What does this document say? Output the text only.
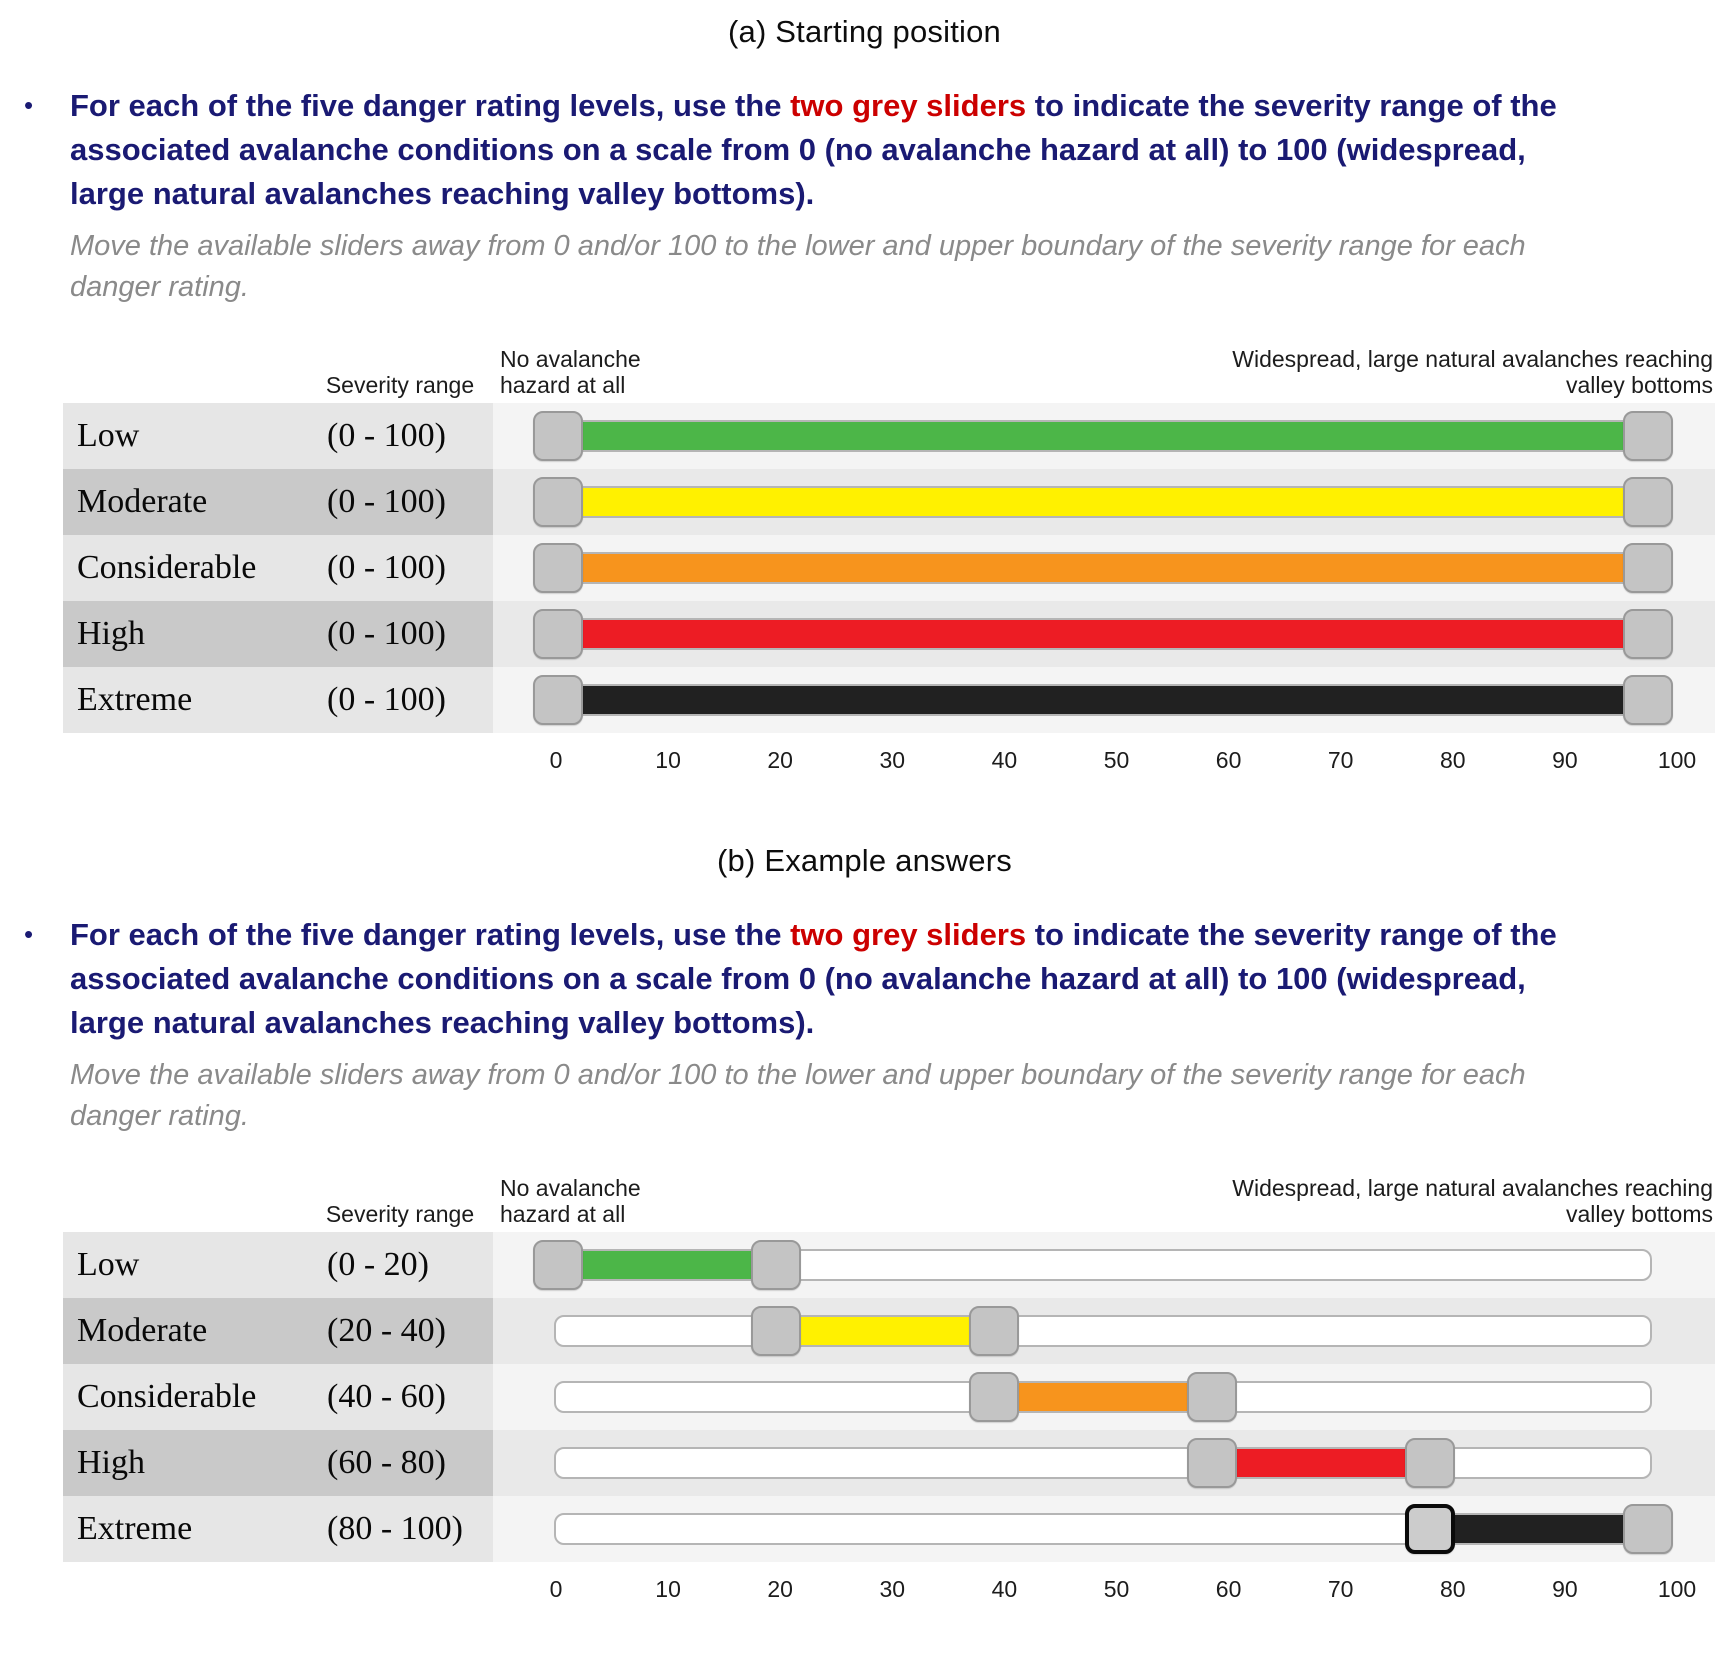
(a) Starting position
•	For each of the five danger rating levels, use the two grey sliders to indicate the severity range of the associated avalanche conditions on a scale from 0 (no avalanche hazard at all) to 100 (widespread, large natural avalanches reaching valley bottoms).
Move the available sliders away from 0 and/or 100 to the lower and upper boundary of the severity range for each danger rating.
Severity range
No avalanche hazard at all
Widespread, large natural avalanches reaching valley bottoms
Low	(0 - 100)
Moderate	(0 - 100)
Considerable (0 - 100)
High	(0 - 100)
Extreme	(0 - 100)
0	10	20	30	40	50	60	70	80	90	100
(b) Example answers
•	For each of the five danger rating levels, use the two grey sliders to indicate the severity range of the associated avalanche conditions on a scale from 0 (no avalanche hazard at all) to 100 (widespread, large natural avalanches reaching valley bottoms).
Move the available sliders away from 0 and/or 100 to the lower and upper boundary of the severity range for each danger rating.
Severity range
No avalanche hazard at all
Widespread, large natural avalanches reaching valley bottoms
Low	(0 - 20)
Moderate	(20 - 40)
Considerable (40 - 60)
High	(60 - 80)
Extreme	(80 - 100)
0	10	20	30	40	50	60	70	80	90	100
